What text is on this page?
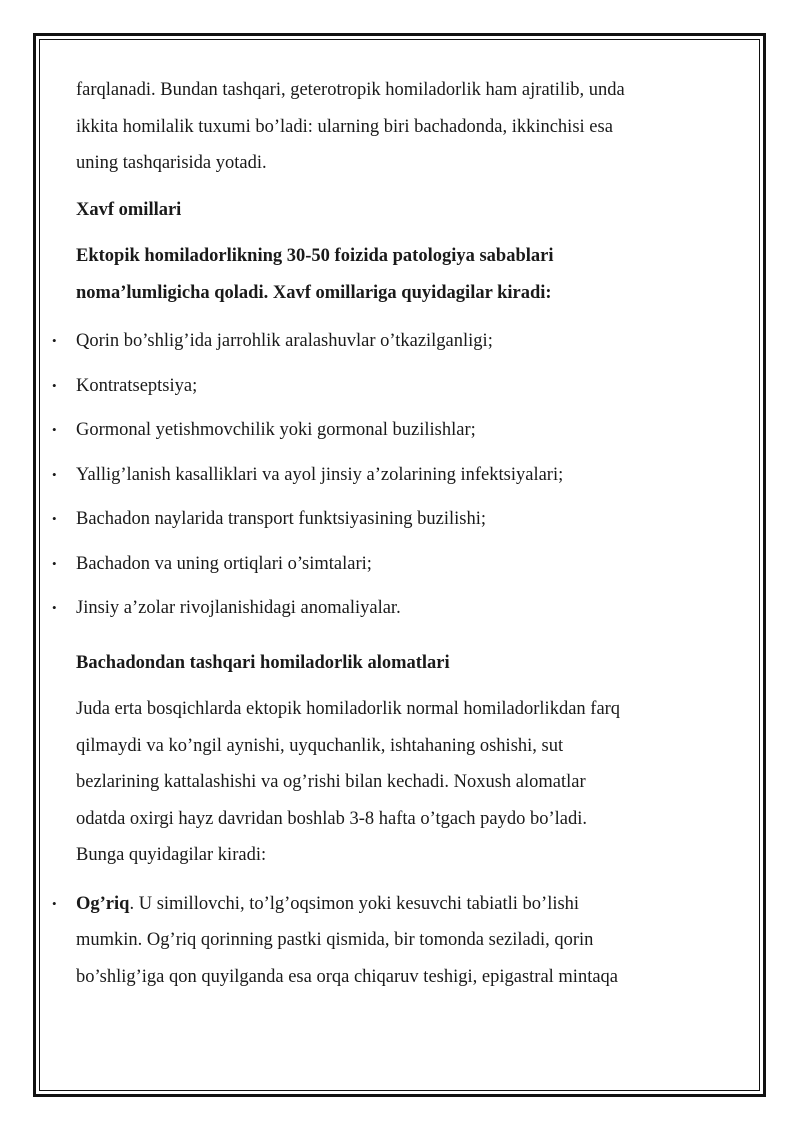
farqlanadi. Bundan tashqari, geterotropik homiladorlik ham ajratilib, unda
ikkita homilalik tuxumi bo’ladi: ularning biri bachadonda, ikkinchisi esa
uning tashqarisida yotadi.
Xavf omillari
Ektopik homiladorlikning 30-50 foizida patologiya sabablari
noma’lumligicha qoladi. Xavf omillariga quyidagilar kiradi:
• Qorin bo’shlig’ida jarrohlik aralashuvlar o’tkazilganligi;
• Kontratseptsiya;
• Gormonal yetishmovchilik yoki gormonal buzilishlar;
• Yallig’lanish kasalliklari va ayol jinsiy a’zolarining infektsiyalari;
• Bachadon naylarida transport funktsiyasining buzilishi;
• Bachadon va uning ortiqlari o’simtalari;
• Jinsiy a’zolar rivojlanishidagi anomaliyalar.
Bachadondan tashqari homiladorlik alomatlari
Juda erta bosqichlarda ektopik homiladorlik normal homiladorlikdan farq
qilmaydi va ko’ngil aynishi, uyquchanlik, ishtahaning oshishi, sut
bezlarining kattalashishi va og’rishi bilan kechadi. Noxush alomatlar
odatda oxirgi hayz davridan boshlab 3-8 hafta o’tgach paydo bo’ladi.
Bunga quyidagilar kiradi:
• Og’riq. U simillovchi, to’lg’oqsimon yoki kesuvchi tabiatli bo’lishi
mumkin. Og’riq qorinning pastki qismida, bir tomonda seziladi, qorin
bo’shlig’iga qon quyilganda esa orqa chiqaruv teshigi, epigastral mintaqa
